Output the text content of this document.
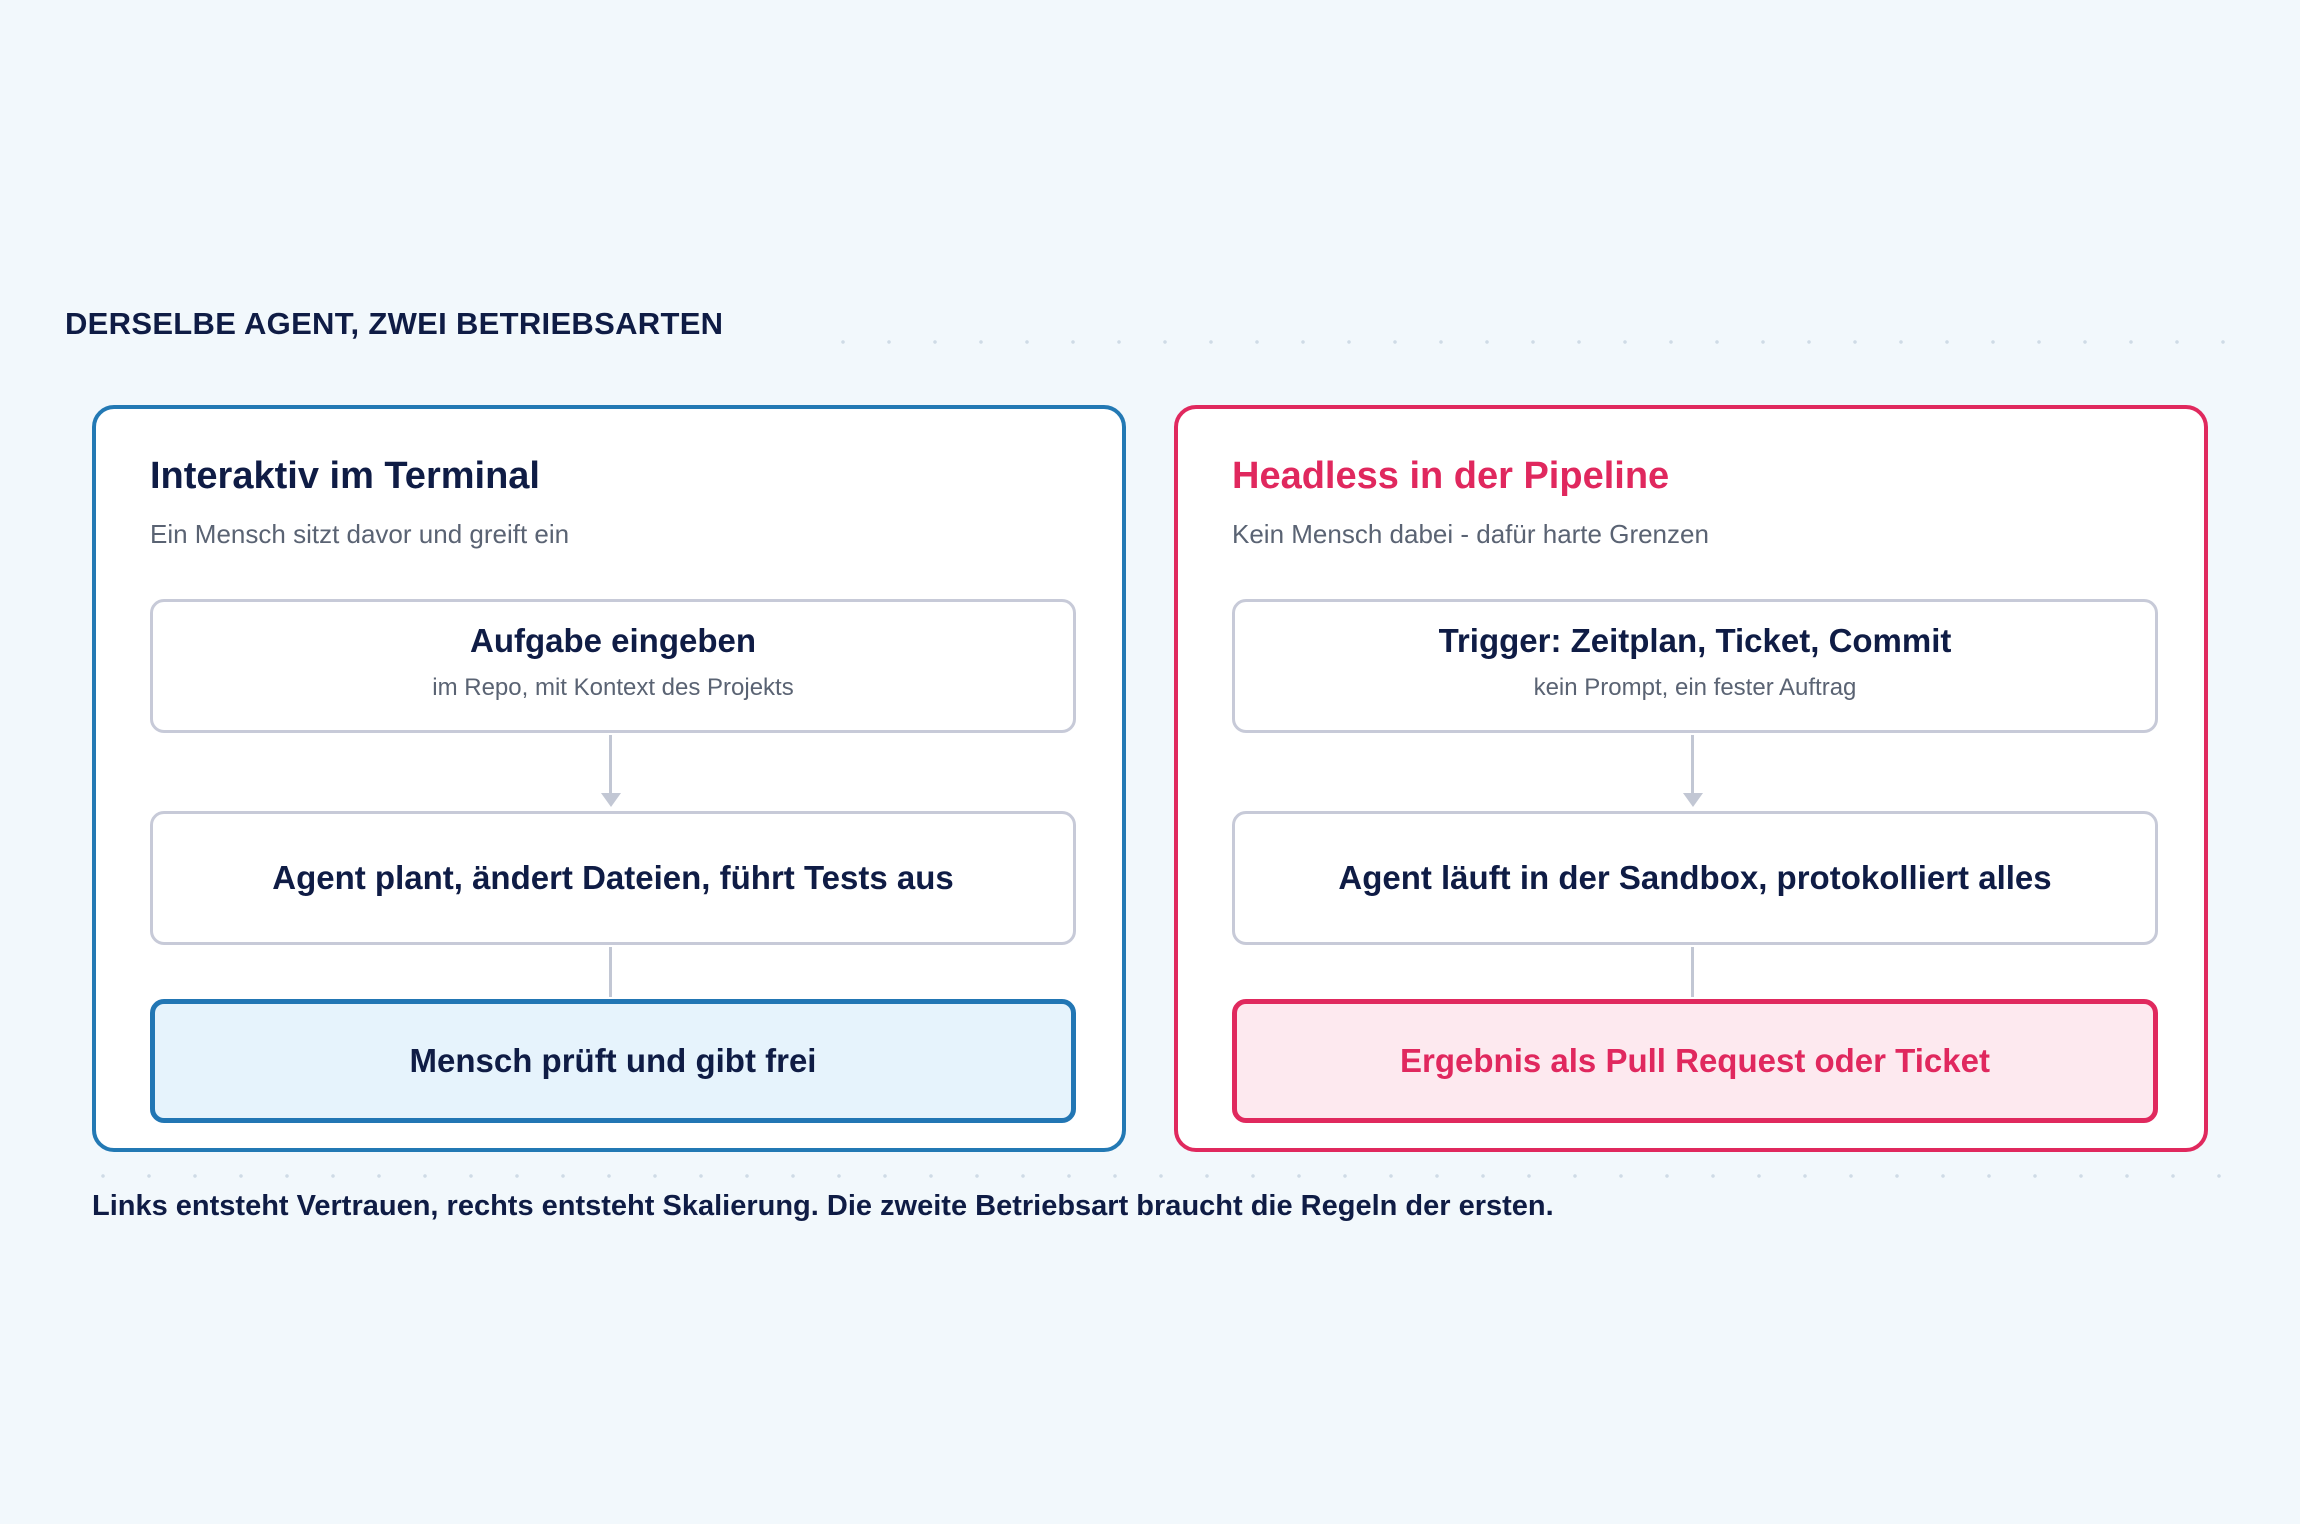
DERSELBE AGENT, ZWEI BETRIEBSARTEN
Interaktiv im Terminal
Ein Mensch sitzt davor und greift ein
Aufgabe eingeben
im Repo, mit Kontext des Projekts
Agent plant, ändert Dateien, führt Tests aus
Mensch prüft und gibt frei
Headless in der Pipeline
Kein Mensch dabei - dafür harte Grenzen
Trigger: Zeitplan, Ticket, Commit
kein Prompt, ein fester Auftrag
Agent läuft in der Sandbox, protokolliert alles
Ergebnis als Pull Request oder Ticket
Links entsteht Vertrauen, rechts entsteht Skalierung. Die zweite Betriebsart braucht die Regeln der ersten.
